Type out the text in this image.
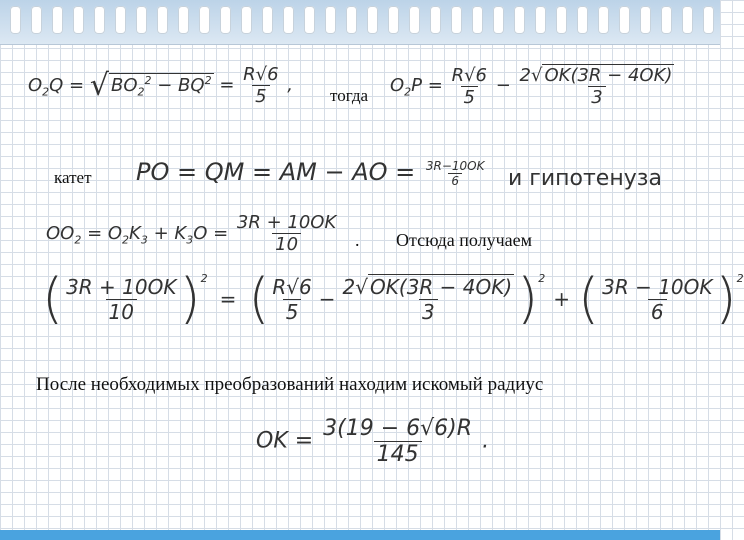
$O_2Q$ = √ $BO_2^2 - BQ^2 = \frac{R√6}{5}$ , тогда $O_2P = \frac{R√6}{5} - \frac{2√ OK(3R - 4OK)}{3}$
катет PO = QM = AM − AO = $\frac{3R-10OK}{6}$ и гипотенуза
$OO_2 = O_2K_3 + K_3O = \frac{3R + 10OK}{10}$ . Отсюда получаем
( $\frac{3R + 10OK}{10} )^2$
= ( $\frac{R√6}{5} - \frac{2√ OK(3R - 4OK)}{3} )^2$
+ ( $\frac{3R - 10OK}{6} )^2$
После необходимых преобразований находим искомый радиус
OK = $\frac{3(19 - 6√6)R}{145}$ .
